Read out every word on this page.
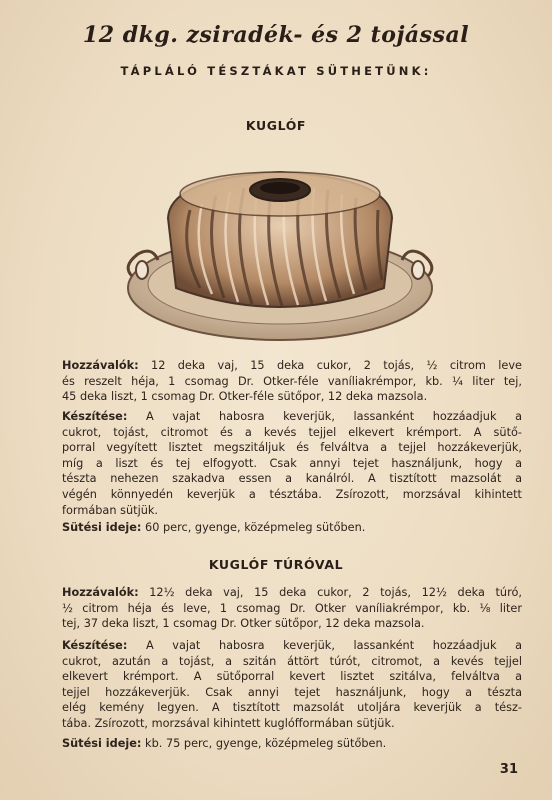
12 dkg. zsiradék- és 2 tojással
TÁPLÁLÓ TÉSZTÁKAT SÜTHETÜNK:
KUGLÓF
Hozzávalók: 12 deka vaj, 15 deka cukor, 2 tojás, ½ citrom leve
és reszelt héja, 1 csomag Dr. Otker-féle vaníliakrémpor, kb. ¼ liter tej,
45 deka liszt, 1 csomag Dr. Otker-féle sütőpor, 12 deka mazsola.
Készítése: A vajat habosra keverjük, lassanként hozzáadjuk a
cukrot, tojást, citromot és a kevés tejjel elkevert krémport. A sütő-
porral vegyített lisztet megszitáljuk és felváltva a tejjel hozzákeverjük,
míg a liszt és tej elfogyott. Csak annyi tejet használjunk, hogy a
tészta nehezen szakadva essen a kanálról. A tisztított mazsolát a
végén könnyedén keverjük a tésztába. Zsírozott, morzsával kihintett
formában sütjük.
Sütési ideje: 60 perc, gyenge, középmeleg sütőben.
KUGLÓF TÚRÓVAL
Hozzávalók: 12½ deka vaj, 15 deka cukor, 2 tojás, 12½ deka túró,
½ citrom héja és leve, 1 csomag Dr. Otker vaníliakrémpor, kb. ⅛ liter
tej, 37 deka liszt, 1 csomag Dr. Otker sütőpor, 12 deka mazsola.
Készítése: A vajat habosra keverjük, lassanként hozzáadjuk a
cukrot, azután a tojást, a szitán áttört túrót, citromot, a kevés tejjel
elkevert krémport. A sütőporral kevert lisztet szitálva, felváltva a
tejjel hozzákeverjük. Csak annyi tejet használjunk, hogy a tészta
elég kemény legyen. A tisztított mazsolát utoljára keverjük a tész-
tába. Zsírozott, morzsával kihintett kuglófformában sütjük.
Sütési ideje: kb. 75 perc, gyenge, középmeleg sütőben.
31
